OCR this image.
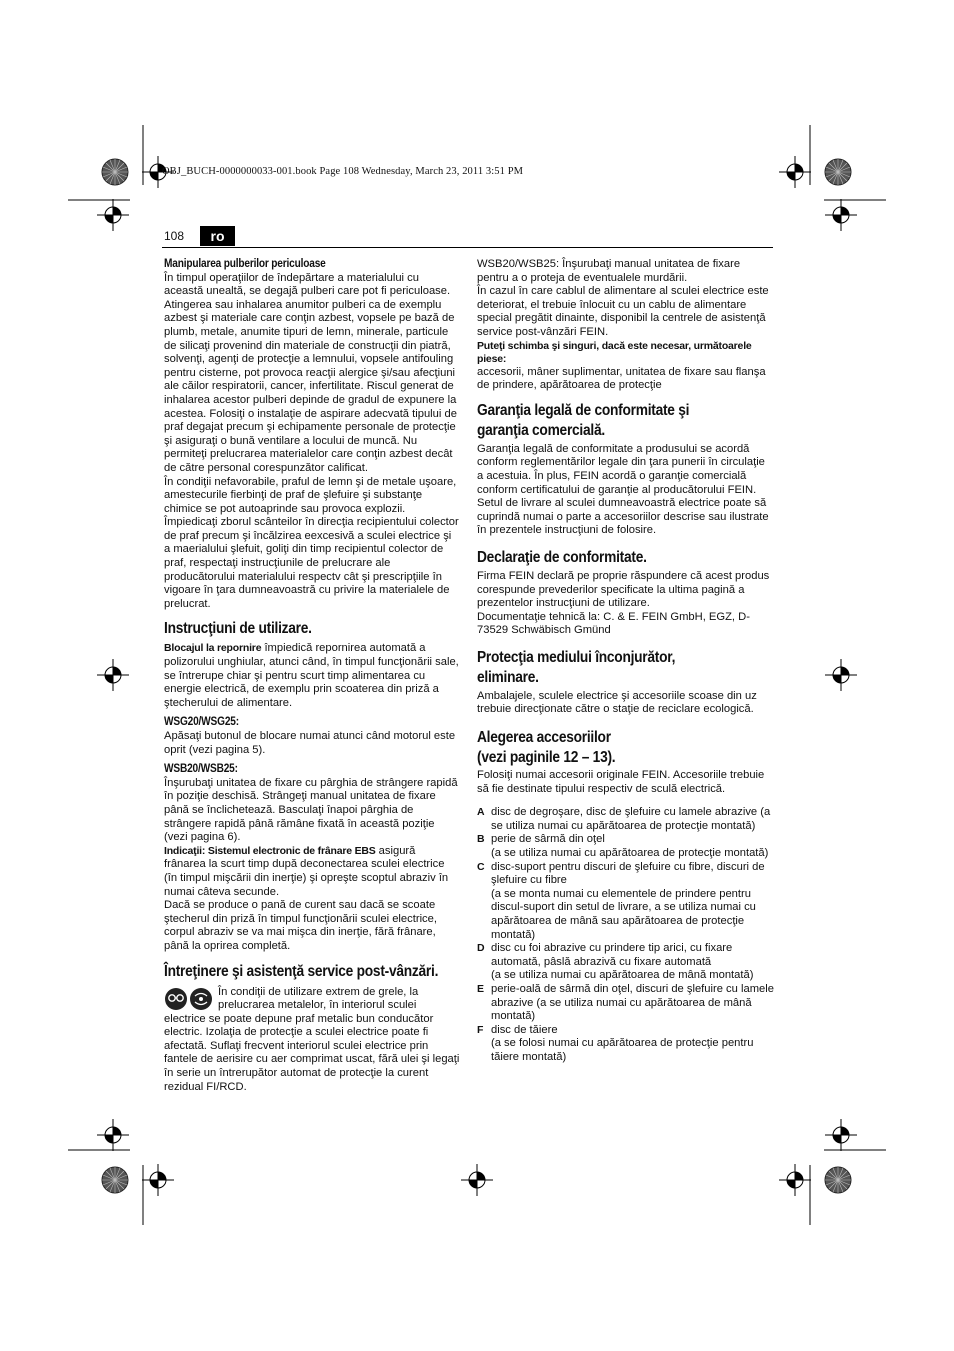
OBJ_BUCH-0000000033-001.book Page 108 Wednesday, March 23, 2011 3:51 PM
108	ro
Manipularea pulberilor periculoase

În timpul operaţiilor de îndepărtare a materialului cu această unealtă, se degajă pulberi care pot fi periculoase. Atingerea sau inhalarea anumitor pulberi ca de exemplu azbest şi materiale care conţin azbest, vopsele pe bază de plumb, metale, anumite tipuri de lemn, minerale, particule de silicaţi provenind din materiale de construcţii din piatră, solvenţi, agenţi de protecţie a lemnului, vopsele antifouling pentru cisterne, pot provoca reacţii alergice şi/sau afecţiuni ale căilor respiratorii, cancer, infertilitate. Riscul generat de inhalarea acestor pulberi depinde de gradul de expunere la acestea. Folosiţi o instalaţie de aspirare adecvată tipului de praf degajat precum şi echipamente personale de protecţie şi asiguraţi o bună ventilare a locului de muncă. Nu permiteţi prelucrarea materialelor care conţin azbest decât de către personal corespunzător calificat.

În condiţii nefavorabile, praful de lemn şi de metale uşoare, amestecurile fierbinţi de praf de şlefuire şi substanţe chimice se pot autoaprinde sau provoca explozii. Împiedicaţi zborul scânteilor în direcţia recipientului colector de praf precum şi încălzirea eexcesivă a sculei electrice şi a maerialului şlefuit, goliţi din timp recipientul colector de praf, respectaţi instrucţiunile de prelucrare ale producătorului materialului respectv cât şi prescripţiile în vigoare în ţara dumneavoastră cu privire la materialele de prelucrat.

Instrucţiuni de utilizare.

Blocajul la repornire împiedică repornirea automată a polizorului unghiular, atunci când, în timpul funcţionării sale, se întrerupe chiar şi pentru scurt timp alimentarea cu energie electrică, de exemplu prin scoaterea din priză a ştecherului de alimentare.

WSG20/WSG25:

Apăsaţi butonul de blocare numai atunci când motorul este oprit (vezi pagina 5).

WSB20/WSB25:

Înşurubaţi unitatea de fixare cu pârghia de strângere rapidă în poziţie deschisă. Strângeţi manual unitatea de fixare până se înclichetează. Basculaţi înapoi pârghia de strângere rapidă până rămâne fixată în această poziţie (vezi pagina 6).

Indicaţii: Sistemul electronic de frânare EBS asigură frânarea la scurt timp după deconectarea sculei electrice (în timpul mişcării din inerţie) şi opreşte scoptul abraziv în numai câteva secunde.

Dacă se produce o pană de curent sau dacă se scoate ştecherul din priză în timpul funcţionării sculei electrice, corpul abraziv se va mai mişca din inerţie, fără frânare, până la oprirea completă.

Întreţinere şi asistenţă service post-vânzări.

În condiţii de utilizare extrem de grele, la prelucrarea metalelor, în interiorul sculei electrice se poate depune praf metalic bun conducător electric. Izolaţia de protecţie a sculei electrice poate fi afectată. Suflaţi frecvent interiorul sculei electrice prin fantele de aerisire cu aer comprimat uscat, fără ulei şi legaţi în serie un întrerupător automat de protecţie la curent rezidual FI/RCD.

WSB20/WSB25: Înşurubaţi manual unitatea de fixare pentru a o proteja de eventualele murdării.

În cazul în care cablul de alimentare al sculei electrice este deteriorat, el trebuie înlocuit cu un cablu de alimentare special pregătit dinainte, disponibil la centrele de asistenţă service post-vânzări FEIN.

Puteţi schimba şi singuri, dacă este necesar, următoarele piese:

accesorii, mâner suplimentar, unitatea de fixare sau flanşa de prindere, apărătoarea de protecţie

Garanţia legală de conformitate şi garanţia comercială.

Garanţia legală de conformitate a produsului se acordă conform reglementărilor legale din ţara punerii în circulaţie a acestuia. În plus, FEIN acordă o garanţie comercială conform certificatului de garanţie al producătorului FEIN.

Setul de livrare al sculei dumneavoastră electrice poate să cuprindă numai o parte a accesoriilor descrise sau ilustrate în prezentele instrucţiuni de folosire.

Declaraţie de conformitate.

Firma FEIN declară pe proprie răspundere că acest produs corespunde prevederilor specificate la ultima pagină a prezentelor instrucţiuni de utilizare.

Documentaţie tehnică la: C. & E. FEIN GmbH, EGZ, D-73529 Schwäbisch Gmünd

Protecţia mediului înconjurător, eliminare.

Ambalajele, sculele electrice şi accesoriile scoase din uz trebuie direcţionate către o staţie de reciclare ecologică.

Alegerea accesoriilor
(vezi paginile 12 – 13).

Folosiţi numai accesorii originale FEIN. Accesoriile trebuie să fie destinate tipului respectiv de sculă electrică.

A disc de degroşare, disc de şlefuire cu lamele abrazive (a se utiliza numai cu apărătoarea de protecţie montată)
B perie de sârmă din oţel
(a se utiliza numai cu apărătoarea de protecţie montată)
C disc-suport pentru discuri de şlefuire cu fibre, discuri de şlefuire cu fibre
(a se monta numai cu elementele de prindere pentru discul-suport din setul de livrare, a se utiliza numai cu apărătoarea de mână sau apărătoarea de protecţie montată)
D disc cu foi abrazive cu prindere tip arici, cu fixare automată, pâslă abrazivă cu fixare automată
(a se utiliza numai cu apărătoarea de mână montată)
E perie-oală de sârmă din oţel, discuri de şlefuire cu lamele abrazive (a se utiliza numai cu apărătoarea de mână montată)
F disc de tăiere
(a se folosi numai cu apărătoarea de protecţie pentru tăiere montată)
